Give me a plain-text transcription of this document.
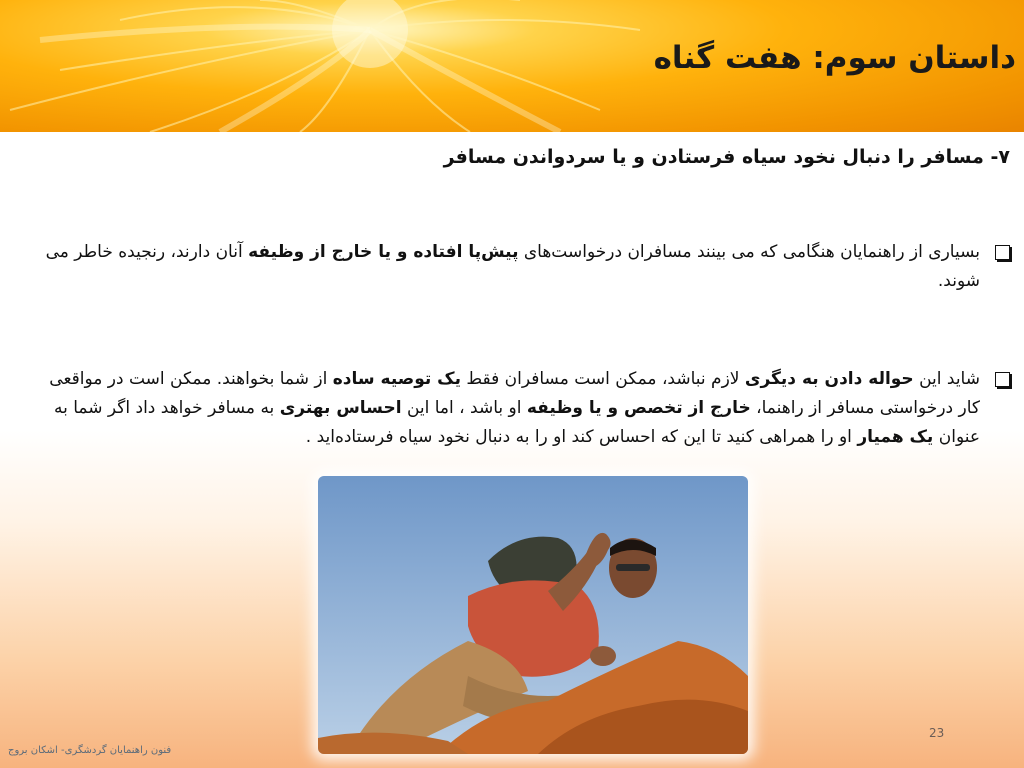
داستان سوم: هفت گناه
۷- مسافر را دنبال نخود سیاه فرستادن و یا سردواندن مسافر
بسیاری از راهنمایان هنگامی که می بینند مسافران درخواست‌های پیش‌پا افتاده و یا خارج از وظیفه آنان دارند، رنجیده خاطر می شوند.
شاید این حواله دادن به دیگری لازم نباشد، ممکن است مسافران فقط یک توصیه ساده از شما بخواهند. ممکن است در مواقعی کار درخواستی مسافر از راهنما، خارج از تخصص و یا وظیفه او باشد ، اما این احساس بهتری به مسافر خواهد داد اگر شما به عنوان یک همیار او را همراهی کنید تا این که احساس کند او را به دنبال نخود سیاه فرستاده‌اید .
23
فنون راهنمایان گردشگری- اشکان بروج
